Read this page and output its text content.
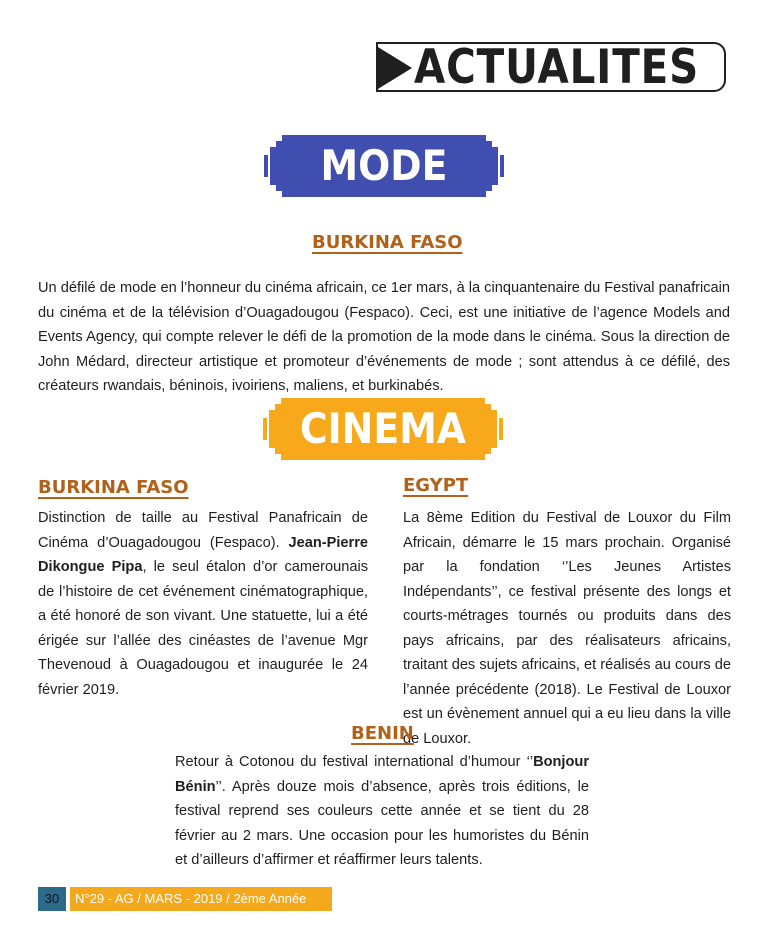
ACTUALITES
MODE
BURKINA FASO

Un défilé de mode en l’honneur du cinéma africain, ce 1er mars, à la cinquantenaire du Festival panafricain du cinéma et de la télévision d’Ouagadougou (Fespaco). Ceci, est une initiative de l’agence Models and Events Agency, qui compte relever le défi de la promotion de la mode dans le cinéma. Sous la direction de John Médard, directeur artistique et promoteur d’événements de mode ; sont attendus à ce défilé, des créateurs rwandais, béninois, ivoiriens, maliens, et burkinabés.

CINEMA
BURKINA FASO

Distinction de taille au Festival Panafricain de Cinéma d’Ouagadougou (Fespaco). Jean-Pierre Dikongue Pipa, le seul étalon d’or camerounais de l’histoire de cet événement cinématographique, a été honoré de son vivant. Une statuette, lui a été érigée sur l’allée des cinéastes de l’avenue Mgr Thevenoud à Ouagadougou et inaugurée le 24 février 2019.

EGYPT

La 8ème Edition du Festival de Louxor du Film Africain, démarre le 15 mars prochain. Organisé par la fondation ‘’Les Jeunes Artistes Indépendants’’, ce festival présente des longs et courts-métrages tournés ou produits dans des pays africains, par des réalisateurs africains, traitant des sujets africains, et réalisés au cours de l’année précédente (2018). Le Festival de Louxor est un évènement annuel qui a eu lieu dans la ville de Louxor.

BENIN

Retour à Cotonou du festival international d’humour ‘’Bonjour Bénin’’. Après douze mois d’absence, après trois éditions, le festival reprend ses couleurs cette année et se tient du 28 février au 2 mars. Une occasion pour les humoristes du Bénin et d’ailleurs d’affirmer et réaffirmer leurs talents.

30	N°29 - AG / MARS - 2019 / 2ème Année
